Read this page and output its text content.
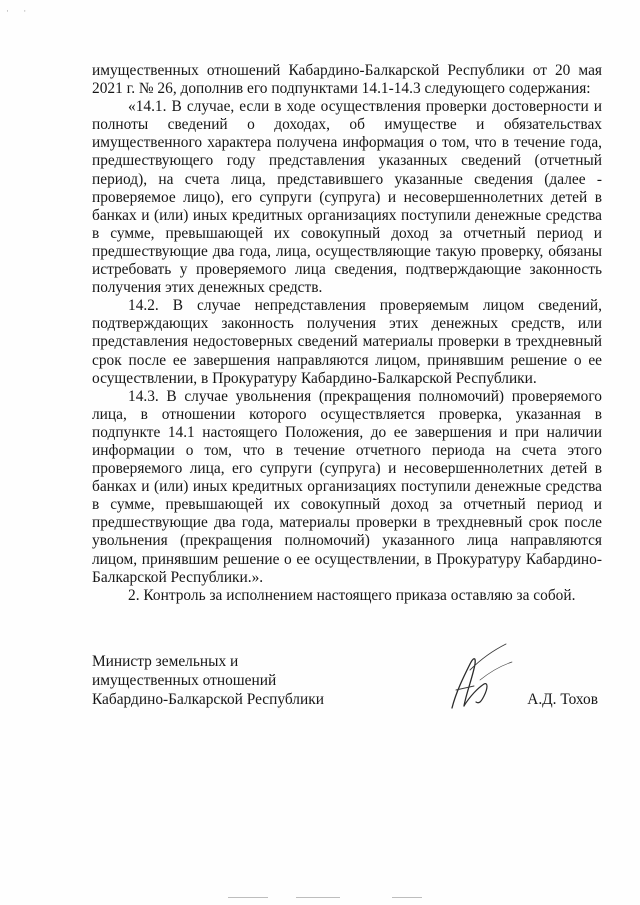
· ·

имущественных отношений Кабардино-Балкарской Республики от 20 мая 2021 г. № 26, дополнив его подпунктами 14.1-14.3 следующего содержания:

«14.1. В случае, если в ходе осуществления проверки достоверности и полноты сведений о доходах, об имуществе и обязательствах имущественного характера получена информация о том, что в течение года, предшествующего году представления указанных сведений (отчетный период), на счета лица, представившего указанные сведения (далее - проверяемое лицо), его супруги (супруга) и несовершеннолетних детей в банках и (или) иных кредитных организациях поступили денежные средства в сумме, превышающей их совокупный доход за отчетный период и предшествующие два года, лица, осуществляющие такую проверку, обязаны истребовать у проверяемого лица сведения, подтверждающие законность получения этих денежных средств.

14.2. В случае непредставления проверяемым лицом сведений, подтверждающих законность получения этих денежных средств, или представления недостоверных сведений материалы проверки в трехдневный срок после ее завершения направляются лицом, принявшим решение о ее осуществлении, в Прокуратуру Кабардино-Балкарской Республики.

14.3. В случае увольнения (прекращения полномочий) проверяемого лица, в отношении которого осуществляется проверка, указанная в подпункте 14.1 настоящего Положения, до ее завершения и при наличии информации о том, что в течение отчетного периода на счета этого проверяемого лица, его супруги (супруга) и несовершеннолетних детей в банках и (или) иных кредитных организациях поступили денежные средства в сумме, превышающей их совокупный доход за отчетный период и предшествующие два года, материалы проверки в трехдневный срок после увольнения (прекращения полномочий) указанного лица направляются лицом, принявшим решение о ее осуществлении, в Прокуратуру Кабардино- Балкарской Республики.».

2. Контроль за исполнением настоящего приказа оставляю за собой.

Министр земельных и
имущественных отношений
Кабардино-Балкарской Республики	А.Д. Тохов
